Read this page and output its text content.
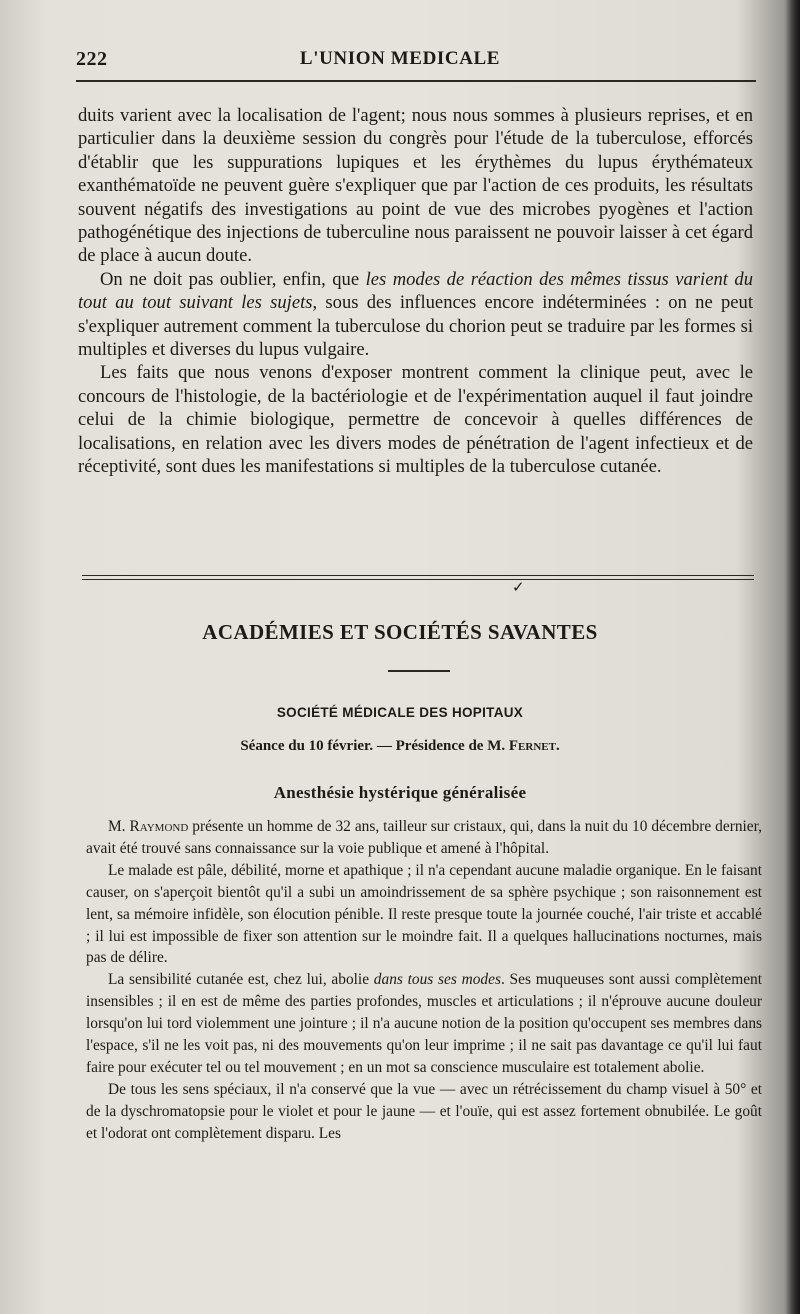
222	L'UNION MEDICALE

duits varient avec la localisation de l'agent; nous nous sommes à plusieurs reprises, et en particulier dans la deuxième session du congrès pour l'étude de la tuberculose, efforcés d'établir que les suppurations lupiques et les érythèmes du lupus érythémateux exanthématoïde ne peuvent guère s'expliquer que par l'action de ces produits, les résultats souvent négatifs des investigations au point de vue des microbes pyogènes et l'action pathogénétique des injections de tuberculine nous paraissent ne pouvoir laisser à cet égard de place à aucun doute.

On ne doit pas oublier, enfin, que les modes de réaction des mêmes tissus varient du tout au tout suivant les sujets, sous des influences encore indéterminées : on ne peut s'expliquer autrement comment la tuberculose du chorion peut se traduire par les formes si multiples et diverses du lupus vulgaire.

Les faits que nous venons d'exposer montrent comment la clinique peut, avec le concours de l'histologie, de la bactériologie et de l'expérimentation auquel il faut joindre celui de la chimie biologique, permettre de concevoir à quelles différences de localisations, en relation avec les divers modes de pénétration de l'agent infectieux et de réceptivité, sont dues les manifestations si multiples de la tuberculose cutanée.

✓
ACADÉMIES ET SOCIÉTÉS SAVANTES
SOCIÉTÉ MÉDICALE DES HOPITAUX
Séance du 10 février. — Présidence de M. Fernet.
Anesthésie hystérique généralisée

M. Raymond présente un homme de 32 ans, tailleur sur cristaux, qui, dans la nuit du 10 décembre dernier, avait été trouvé sans connaissance sur la voie publique et amené à l'hôpital.

Le malade est pâle, débilité, morne et apathique ; il n'a cependant aucune maladie organique. En le faisant causer, on s'aperçoit bientôt qu'il a subi un amoindrissement de sa sphère psychique ; son raisonnement est lent, sa mémoire infidèle, son élocution pénible. Il reste presque toute la journée couché, l'air triste et accablé ; il lui est impossible de fixer son attention sur le moindre fait. Il a quelques hallucinations nocturnes, mais pas de délire.

La sensibilité cutanée est, chez lui, abolie dans tous ses modes. Ses muqueuses sont aussi complètement insensibles ; il en est de même des parties profondes, muscles et articulations ; il n'éprouve aucune douleur lorsqu'on lui tord violemment une jointure ; il n'a aucune notion de la position qu'occupent ses membres dans l'espace, s'il ne les voit pas, ni des mouvements qu'on leur imprime ; il ne sait pas davantage ce qu'il lui faut faire pour exécuter tel ou tel mouvement ; en un mot sa conscience musculaire est totalement abolie.

De tous les sens spéciaux, il n'a conservé que la vue — avec un rétrécissement du champ visuel à 50° et de la dyschromatopsie pour le violet et pour le jaune — et l'ouïe, qui est assez fortement obnubilée. Le goût et l'odorat ont complètement disparu. Les
